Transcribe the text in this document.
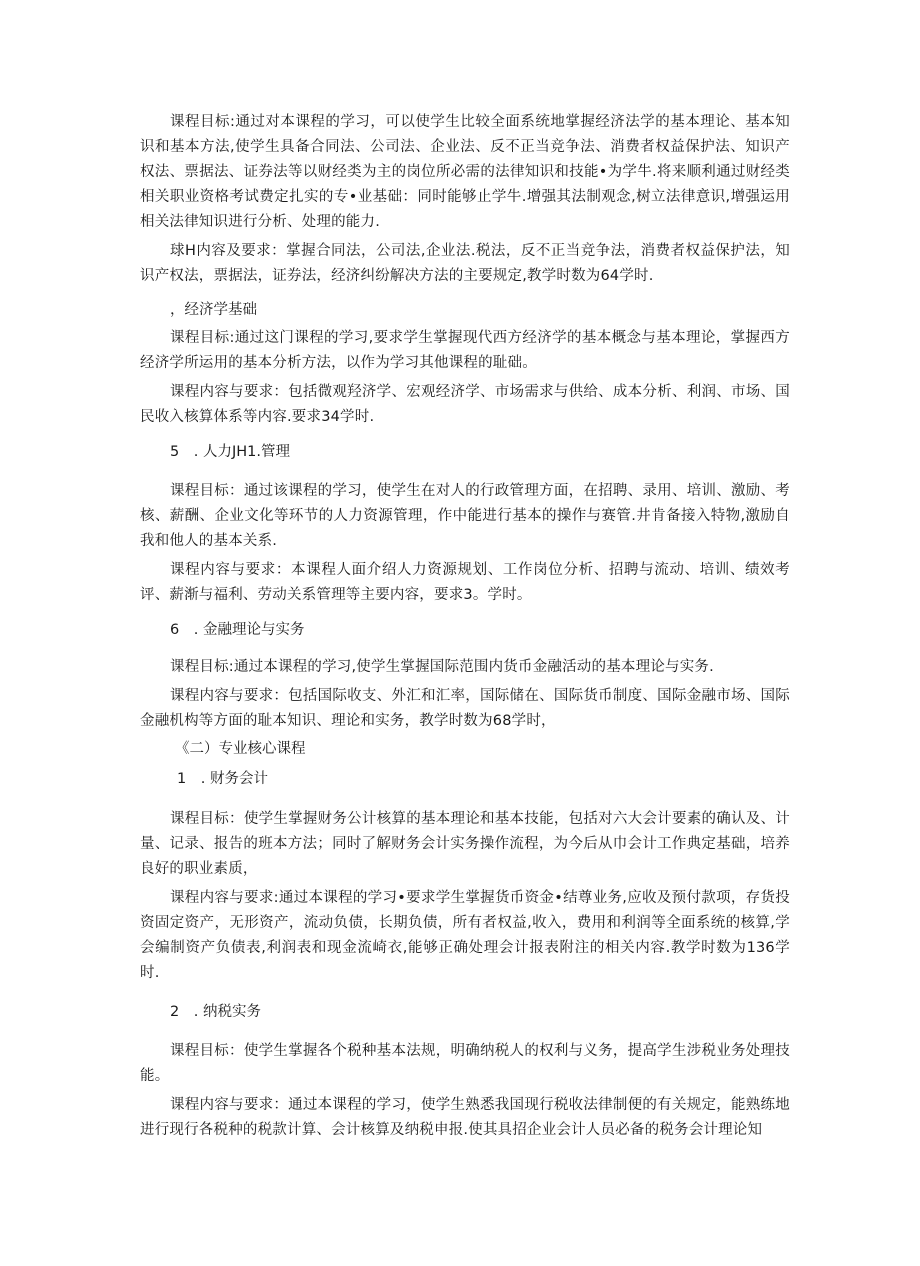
课程目标:通过对本课程的学习，可以使学生比较全面系统地掌握经济法学的基本理论、基本知识和基本方法,使学生具备合同法、公司法、企业法、反不正当竞争法、消费者权益保护法、知识产权法、票据法、证券法等以财经类为主的岗位所必需的法律知识和技能•为学牛.将来顺利通过财经类相关职业资格考试费定扎实的专•业基础：同时能够止学牛.增强其法制观念,树立法律意识,增强运用相关法律知识进行分析、处理的能力.

球H内容及要求：掌握合同法，公司法,企业法.税法，反不正当竞争法，消费者权益保护法，知识产权法，票据法，证券法，经济纠纷解决方法的主要规定,教学时数为64学时.

，经济学基础

课程目标:通过这门课程的学习,要求学生掌握现代西方经济学的基本概念与基本理论，掌握西方经济学所运用的基本分析方法，以作为学习其他课程的耻础。

课程内容与要求：包括微观羟济学、宏观经济学、市场需求与供给、成本分析、利润、市场、国民收入核算体系等内容.要求34学时.

5　. 人力JH1.管理

课程目标：通过该课程的学习，使学生在对人的行政管理方面，在招聘、录用、培训、激励、考核、薪酬、企业文化等环节的人力资源管理，作中能进行基本的操作与赛管.井肯备接入特物,激励自我和他人的基本关系.

课程内容与要求：本课程人面介绍人力资源规划、工作岗位分析、招聘与流动、培训、绩效考评、薪渐与福利、劳动关系管理等主要内容，要求3。学时。

6　. 金融理论与实务

课程目标:通过本课程的学习,使学生掌握国际范围内货币金融活动的基本理论与实务.

课程内容与要求：包括国际收支、外汇和汇率，国际储在、国际货币制度、国际金融市场、国际金融机构等方面的耻本知识、理论和实务，教学时数为68学时，

《二）专业核心课程
1　. 财务会计

课程目标：使学生掌握财务公计核算的基本理论和基本技能，包括对六大会计要素的确认及、计量、记录、报告的班本方法；同时了解财务会计实务操作流程，为今后从巾会计工作典定基础，培养良好的职业素质，

课程内容与要求:通过本课程的学习•要求学生掌握货币资金•结尊业务,应收及预付款项，存货投资固定资产，无形资产，流动负债，长期负债，所有者权益,收入，费用和利润等全面系统的核算,学会编制资产负债表,利润表和现金流崎衣,能够正确处理会计报表附注的相关内容.教学时数为136学时.

2　. 纳税实务

课程目标：使学生掌握各个税种基本法规，明确纳税人的权利与义务，提高学生涉税业务处理技能。

课程内容与要求：通过本课程的学习，使学生熟悉我国现行税收法律制便的有关规定，能熟练地进行现行各税种的税款计算、会计核算及纳税申报.使其具招企业会计人员必备的税务会计理论知
